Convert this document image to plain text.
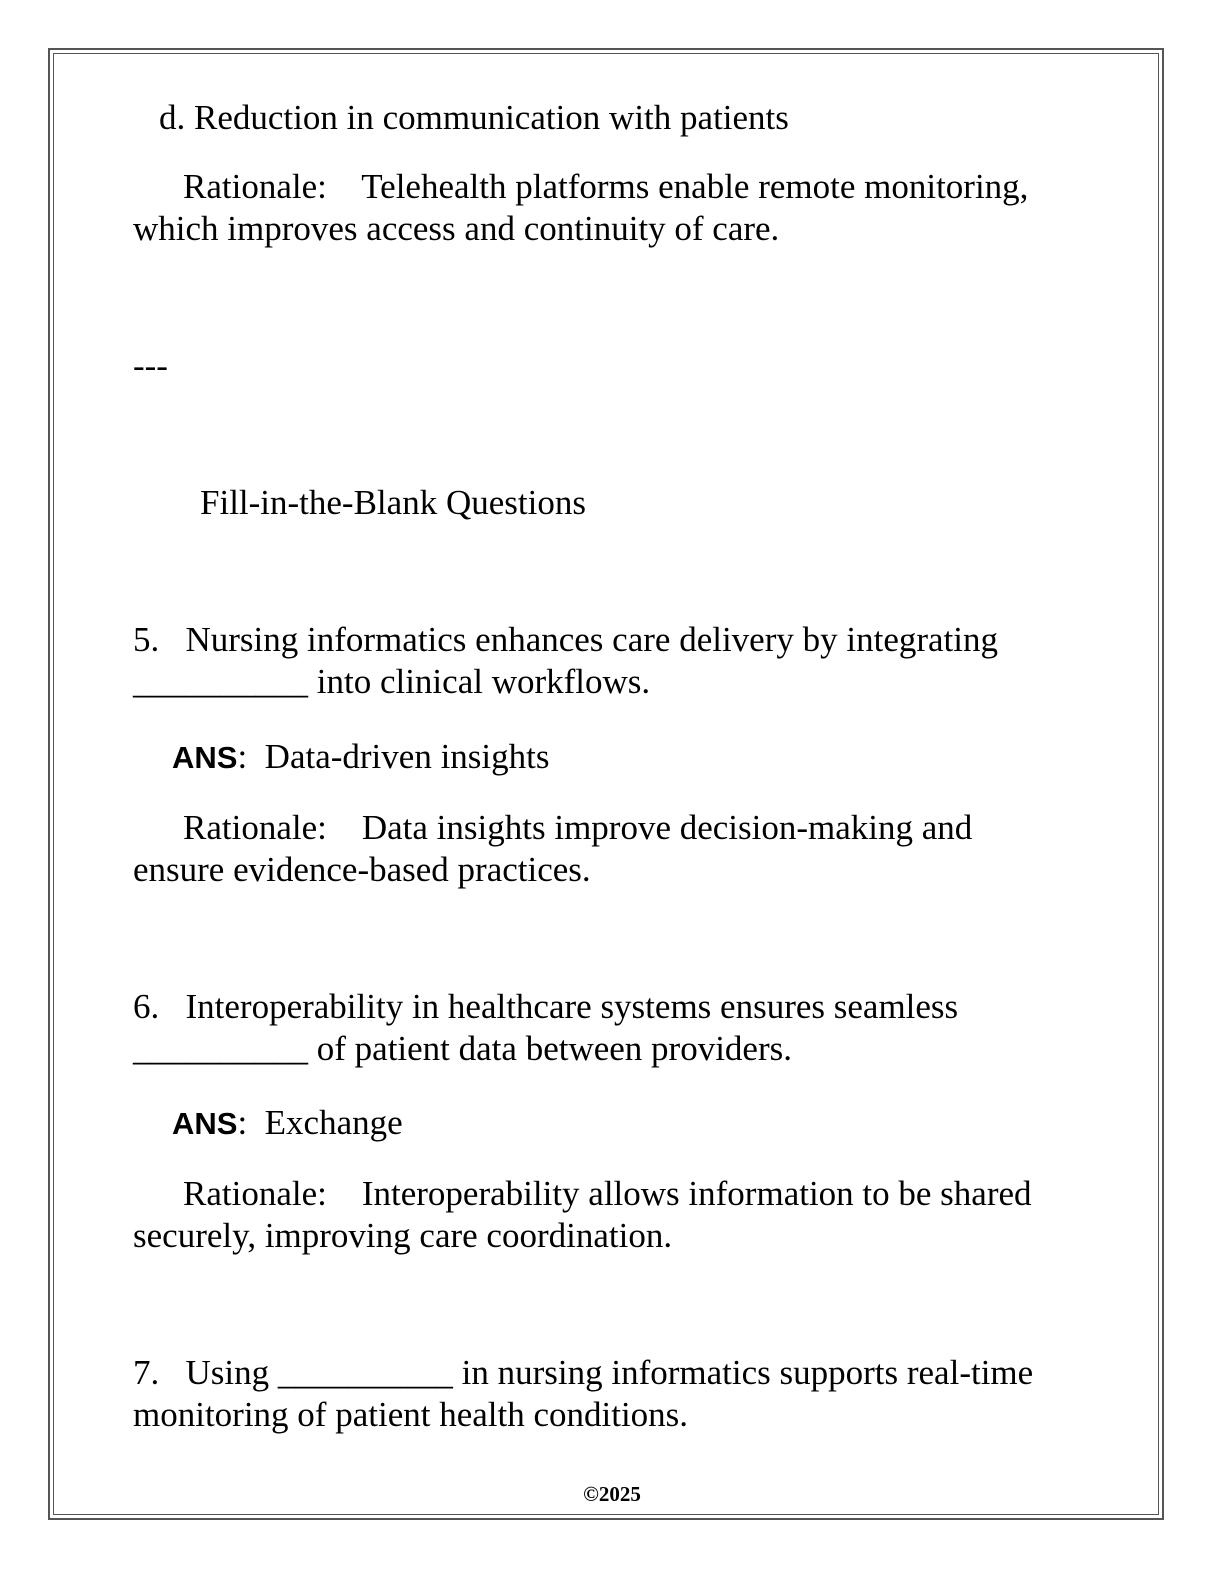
d. Reduction in communication with patients
Rationale: Telehealth platforms enable remote monitoring,
which improves access and continuity of care.
---
Fill-in-the-Blank Questions
5. Nursing informatics enhances care delivery by integrating
__________ into clinical workflows.
ANS:  Data-driven insights
Rationale: Data insights improve decision-making and
ensure evidence-based practices.
6. Interoperability in healthcare systems ensures seamless
__________ of patient data between providers.
ANS:  Exchange
Rationale: Interoperability allows information to be shared
securely, improving care coordination.
7. Using __________ in nursing informatics supports real-time
monitoring of patient health conditions.
©2025
